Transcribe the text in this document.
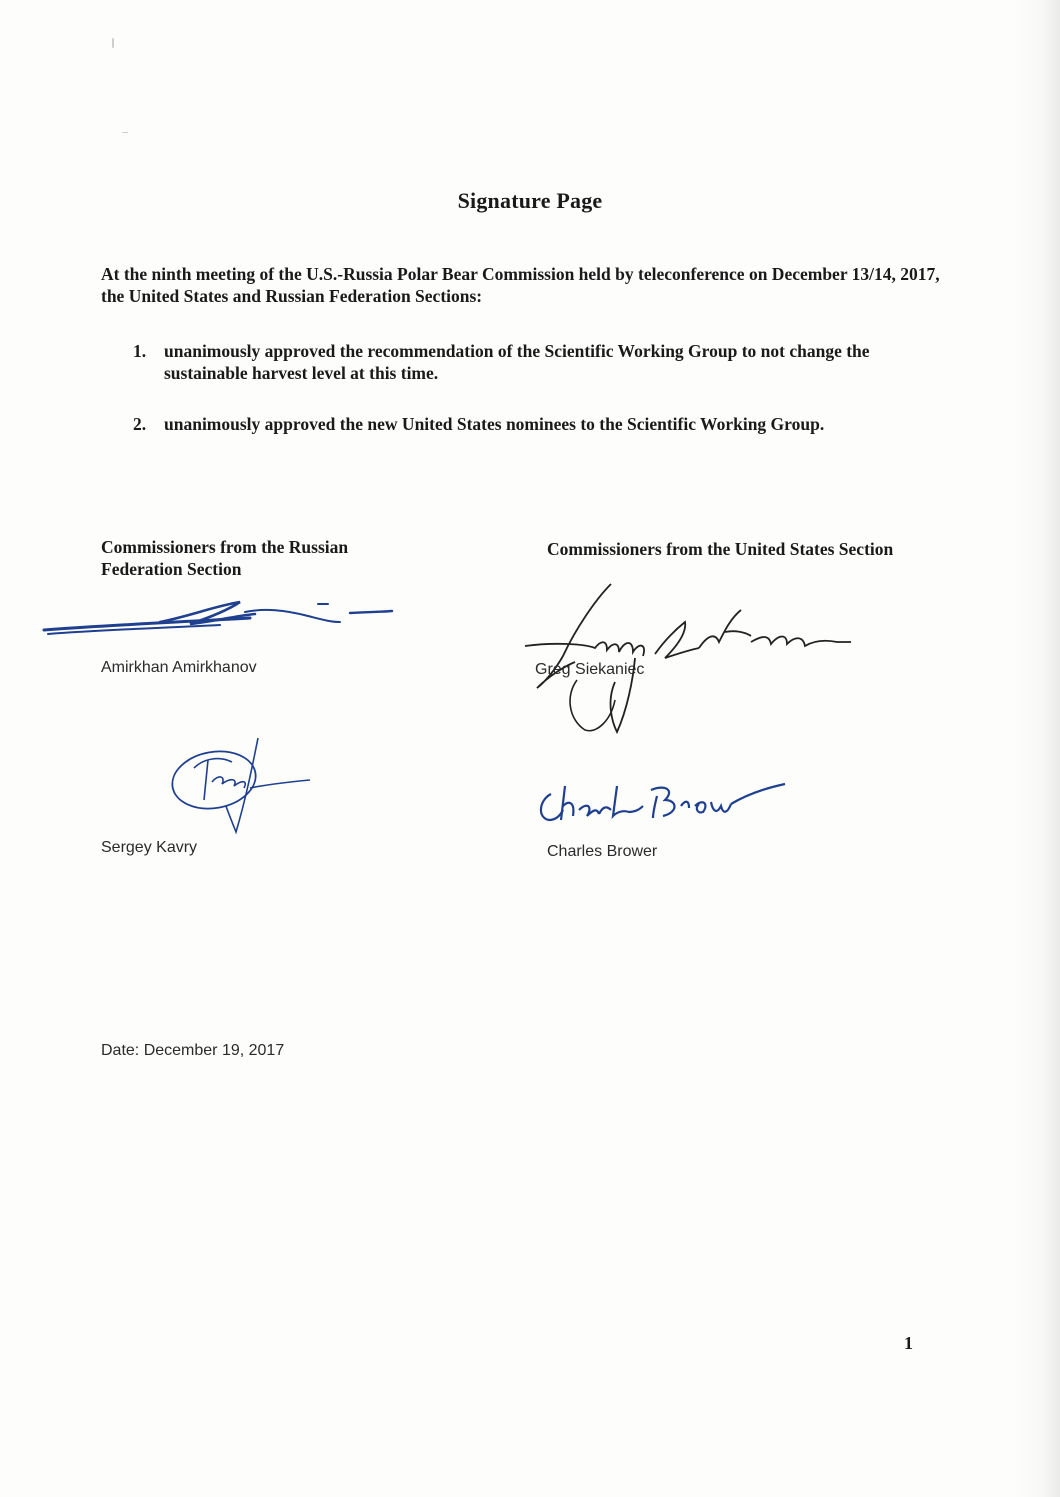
Signature Page
At the ninth meeting of the U.S.-Russia Polar Bear Commission held by teleconference on December 13/14, 2017, the United States and Russian Federation Sections:
1.	unanimously approved the recommendation of the Scientific Working Group to not change the sustainable harvest level at this time.
2.	unanimously approved the new United States nominees to the Scientific Working Group.
Commissioners from the Russian Federation Section
Commissioners from the United States Section
Amirkhan Amirkhanov
Sergey Kavry
Greg Siekaniec
Charles Brower
Date: December 19, 2017
1
